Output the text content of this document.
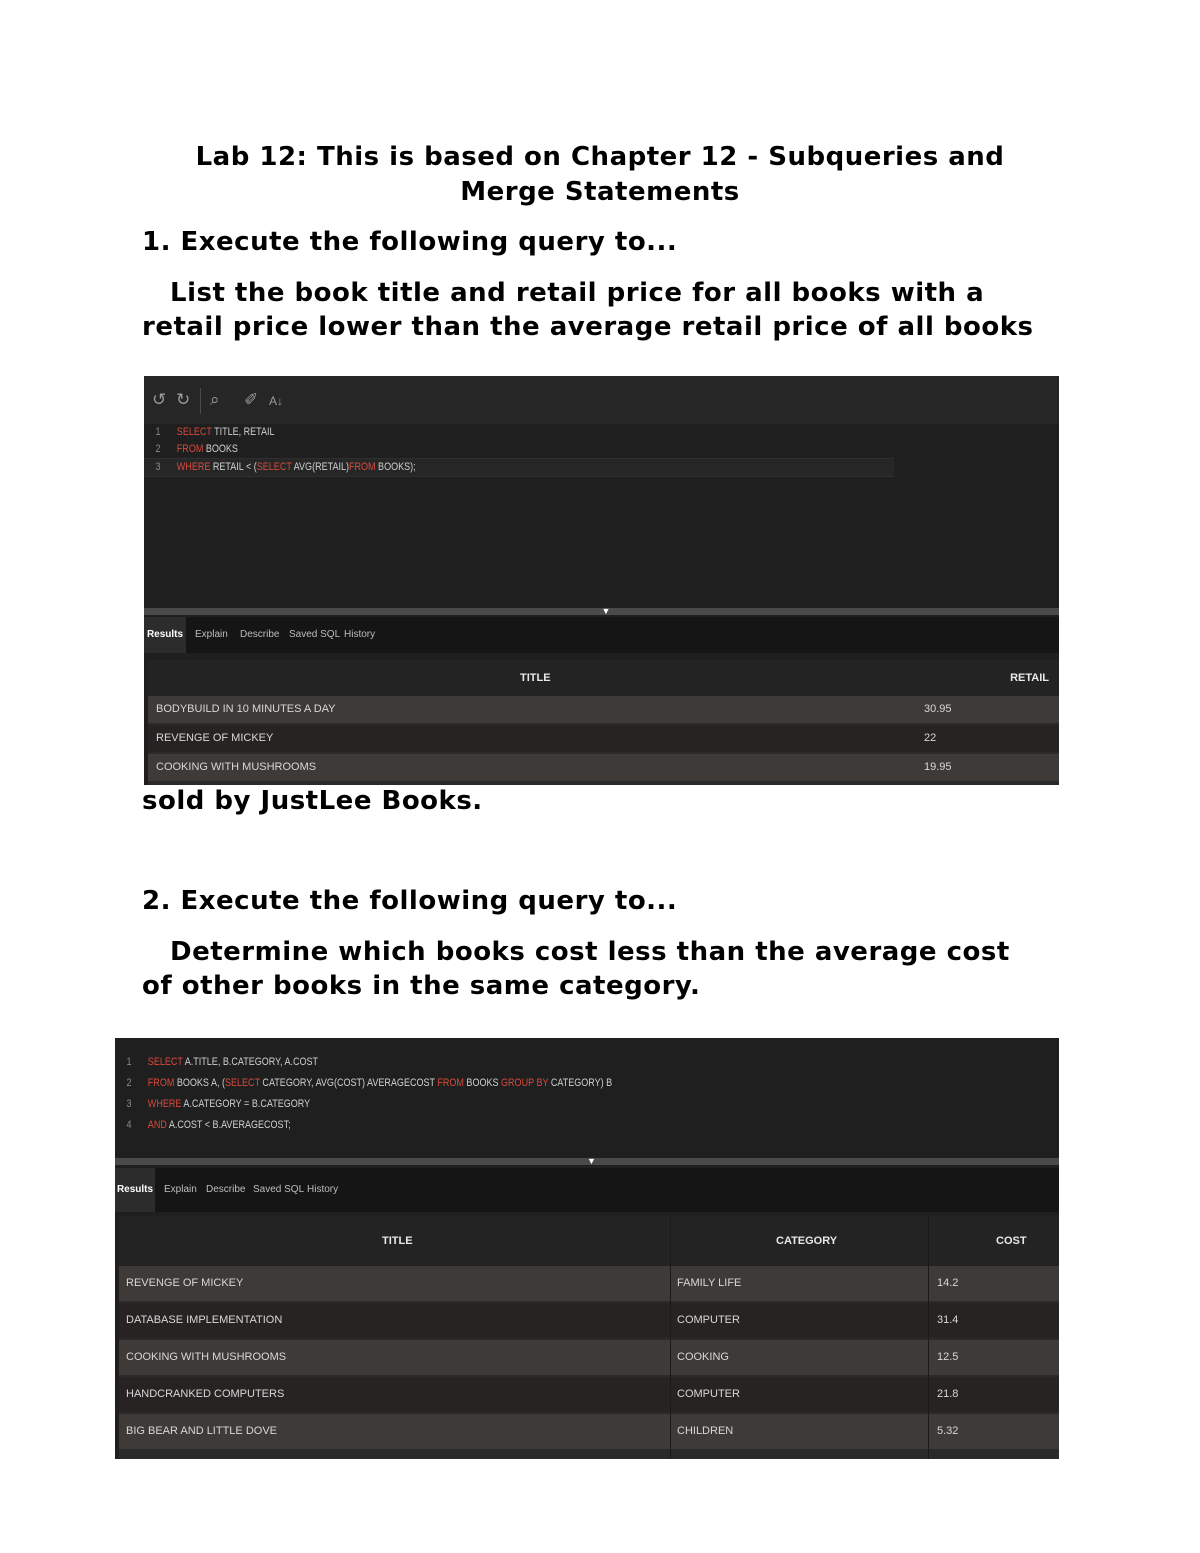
Lab 12: This is based on Chapter 12 - Subqueries and
Merge Statements
1. Execute the following query to...
List the book title and retail price for all books with a
retail price lower than the average retail price of all books
↺ ↻ ⌕ ✐ A↓
1 SELECT TITLE, RETAIL
2 FROM BOOKS
3 WHERE RETAIL < (SELECT AVG(RETAIL)FROM BOOKS);
▼
Results Explain Describe Saved SQL History
TITLE	RETAIL
BODYBUILD IN 10 MINUTES A DAY	30.95
REVENGE OF MICKEY	22
COOKING WITH MUSHROOMS	19.95
sold by JustLee Books.
2. Execute the following query to...
Determine which books cost less than the average cost
of other books in the same category.
1 SELECT A.TITLE, B.CATEGORY, A.COST
2 FROM BOOKS A, (SELECT CATEGORY, AVG(COST) AVERAGECOST FROM BOOKS GROUP BY CATEGORY) B
3 WHERE A.CATEGORY = B.CATEGORY
4 AND A.COST < B.AVERAGECOST;
▼
Results Explain Describe Saved SQL History
TITLE	CATEGORY	COST
REVENGE OF MICKEY	FAMILY LIFE	14.2
DATABASE IMPLEMENTATION	COMPUTER	31.4
COOKING WITH MUSHROOMS	COOKING	12.5
HANDCRANKED COMPUTERS	COMPUTER	21.8
BIG BEAR AND LITTLE DOVE	CHILDREN	5.32
